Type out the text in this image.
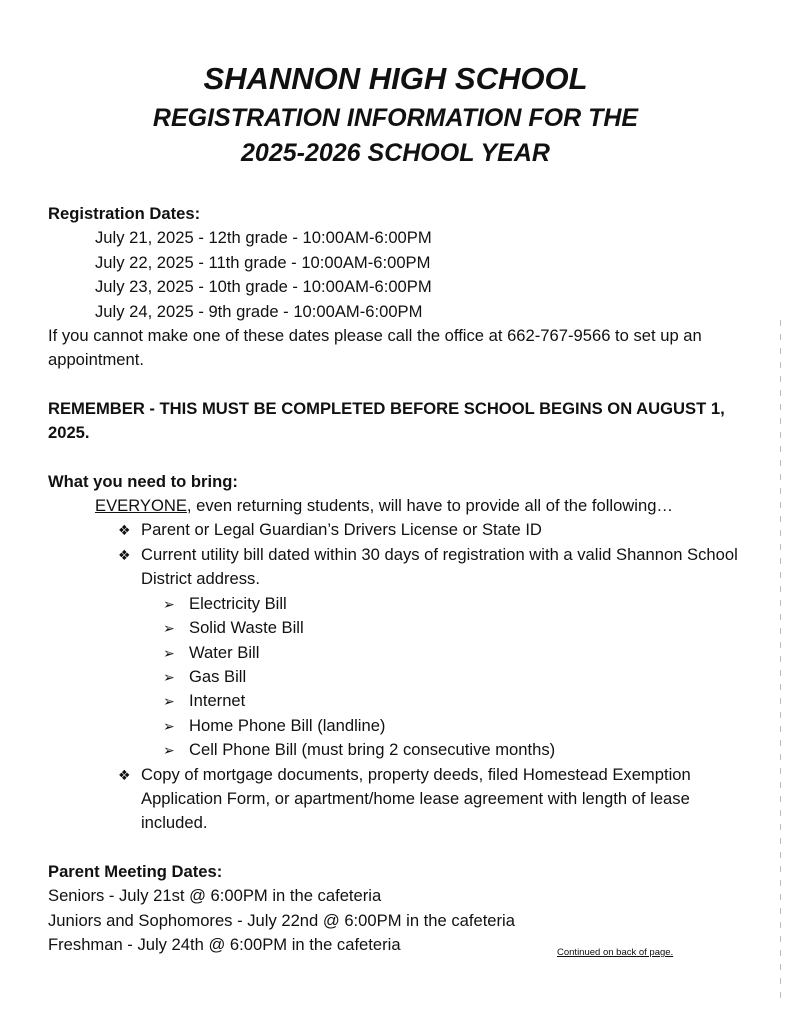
SHANNON HIGH SCHOOL

REGISTRATION INFORMATION FOR THE

2025-2026 SCHOOL YEAR

Registration Dates:
July 21, 2025 - 12th grade - 10:00AM-6:00PM
July 22, 2025 - 11th grade - 10:00AM-6:00PM
July 23, 2025 - 10th grade - 10:00AM-6:00PM
July 24, 2025 - 9th grade - 10:00AM-6:00PM
If you cannot make one of these dates please call the office at 662-767-9566 to set up an appointment.
REMEMBER - THIS MUST BE COMPLETED BEFORE SCHOOL BEGINS ON AUGUST 1, 2025.
What you need to bring:
EVERYONE, even returning students, will have to provide all of the following…
❖ Parent or Legal Guardian’s Drivers License or State ID
❖ Current utility bill dated within 30 days of registration with a valid Shannon School District address.
➢ Electricity Bill
➢ Solid Waste Bill
➢ Water Bill
➢ Gas Bill
➢ Internet
➢ Home Phone Bill (landline)
➢ Cell Phone Bill (must bring 2 consecutive months)
❖ Copy of mortgage documents, property deeds, filed Homestead Exemption Application Form, or apartment/home lease agreement with length of lease included.
Parent Meeting Dates:
Seniors - July 21st @ 6:00PM in the cafeteria
Juniors and Sophomores - July 22nd @ 6:00PM in the cafeteria
Freshman - July 24th @ 6:00PM in the cafeteria	Continued on back of page.
